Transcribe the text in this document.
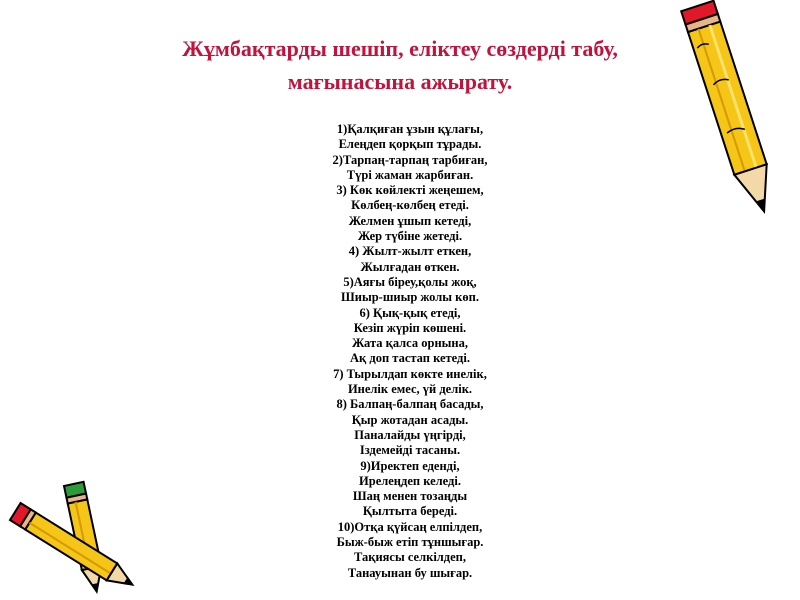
Жұмбақтарды шешіп, еліктеу сөздерді табу,
мағынасына ажырату.
1)Қалқиған ұзын құлағы,
Елеңдеп қорқып тұрады.
2)Тарпаң-тарпаң тарбиған,
Түрі жаман жарбиған.
3) Көк көйлекті жеңешем,
Көлбең-көлбең етеді.
Желмен ұшып кетеді,
Жер түбіне жетеді.
4) Жылт-жылт еткен,
Жылғадан өткен.
5)Аяғы біреу,қолы жоқ,
Шиыр-шиыр жолы көп.
6) Қық-қық етеді,
Кезіп жүріп көшені.
Жата қалса орнына,
Ақ доп тастап кетеді.
7) Тырылдап көкте инелік,
Инелік емес, үй делік.
8) Балпаң-балпаң басады,
Қыр жотадан асады.
Паналайды үңгірді,
Іздемейді тасаны.
9)Иректеп еденді,
Ирелеңдеп келеді.
Шаң менен тозаңды
Қылтыта береді.
10)Отқа қүйсаң елпілдеп,
Быж-быж етіп тұншығар.
Тақиясы селкілдеп,
Танауынан бу шығар.
